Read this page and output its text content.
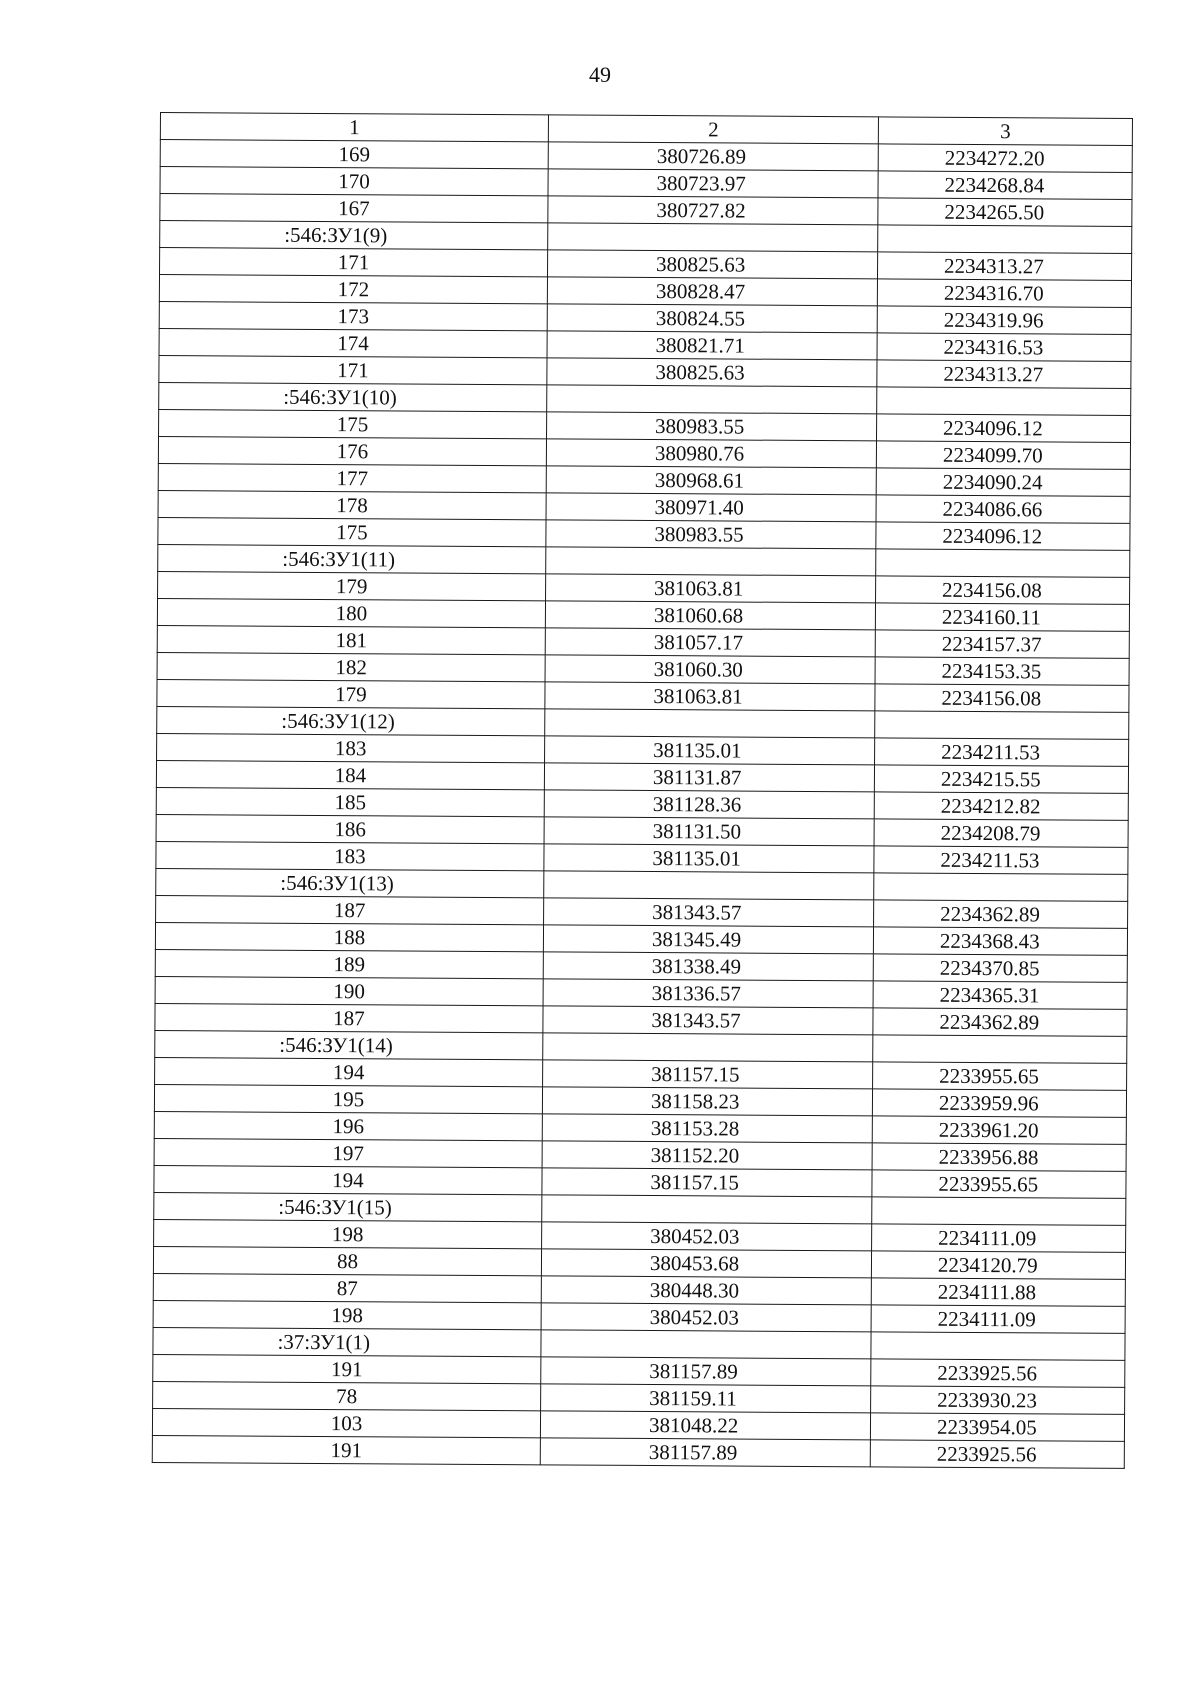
49
1	2	3
169	380726.89	2234272.20
170	380723.97	2234268.84
167	380727.82	2234265.50
:546:ЗУ1(9)		
171	380825.63	2234313.27
172	380828.47	2234316.70
173	380824.55	2234319.96
174	380821.71	2234316.53
171	380825.63	2234313.27
:546:ЗУ1(10)		
175	380983.55	2234096.12
176	380980.76	2234099.70
177	380968.61	2234090.24
178	380971.40	2234086.66
175	380983.55	2234096.12
:546:ЗУ1(11)		
179	381063.81	2234156.08
180	381060.68	2234160.11
181	381057.17	2234157.37
182	381060.30	2234153.35
179	381063.81	2234156.08
:546:ЗУ1(12)		
183	381135.01	2234211.53
184	381131.87	2234215.55
185	381128.36	2234212.82
186	381131.50	2234208.79
183	381135.01	2234211.53
:546:ЗУ1(13)		
187	381343.57	2234362.89
188	381345.49	2234368.43
189	381338.49	2234370.85
190	381336.57	2234365.31
187	381343.57	2234362.89
:546:ЗУ1(14)		
194	381157.15	2233955.65
195	381158.23	2233959.96
196	381153.28	2233961.20
197	381152.20	2233956.88
194	381157.15	2233955.65
:546:ЗУ1(15)		
198	380452.03	2234111.09
88	380453.68	2234120.79
87	380448.30	2234111.88
198	380452.03	2234111.09
:37:ЗУ1(1)		
191	381157.89	2233925.56
78	381159.11	2233930.23
103	381048.22	2233954.05
191	381157.89	2233925.56
